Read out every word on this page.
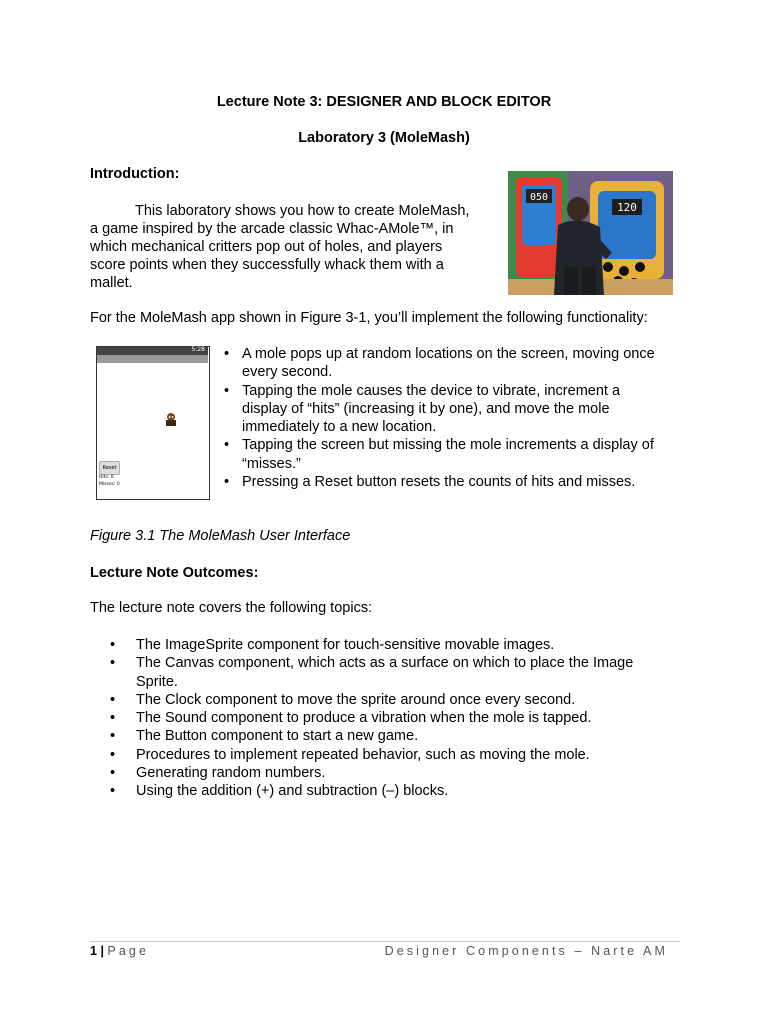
Lecture Note 3: DESIGNER AND BLOCK EDITOR
Laboratory 3 (MoleMash)
Introduction:
This laboratory shows you how to create MoleMash,
a game inspired by the arcade classic Whac-AMole™, in
which mechanical critters pop out of holes, and players
score points when they successfully whack them with a
mallet.
050
120
For the MoleMash app shown in Figure 3-1, you’ll implement the following functionality:
5:28
Reset
Hits: 0
Misses: 0
• A mole pops up at random locations on the screen, moving once
every second.
• Tapping the mole causes the device to vibrate, increment a
display of “hits” (increasing it by one), and move the mole
immediately to a new location.
• Tapping the screen but missing the mole increments a display of
“misses.”
• Pressing a Reset button resets the counts of hits and misses.
Figure 3.1 The MoleMash User Interface
Lecture Note Outcomes:
The lecture note covers the following topics:
• The ImageSprite component for touch-sensitive movable images.
• The Canvas component, which acts as a surface on which to place the Image
Sprite.
• The Clock component to move the sprite around once every second.
• The Sound component to produce a vibration when the mole is tapped.
• The Button component to start a new game.
• Procedures to implement repeated behavior, such as moving the mole.
• Generating random numbers.
• Using the addition (+) and subtraction (–) blocks.
1 | Page	Designer Components – Narte AM
